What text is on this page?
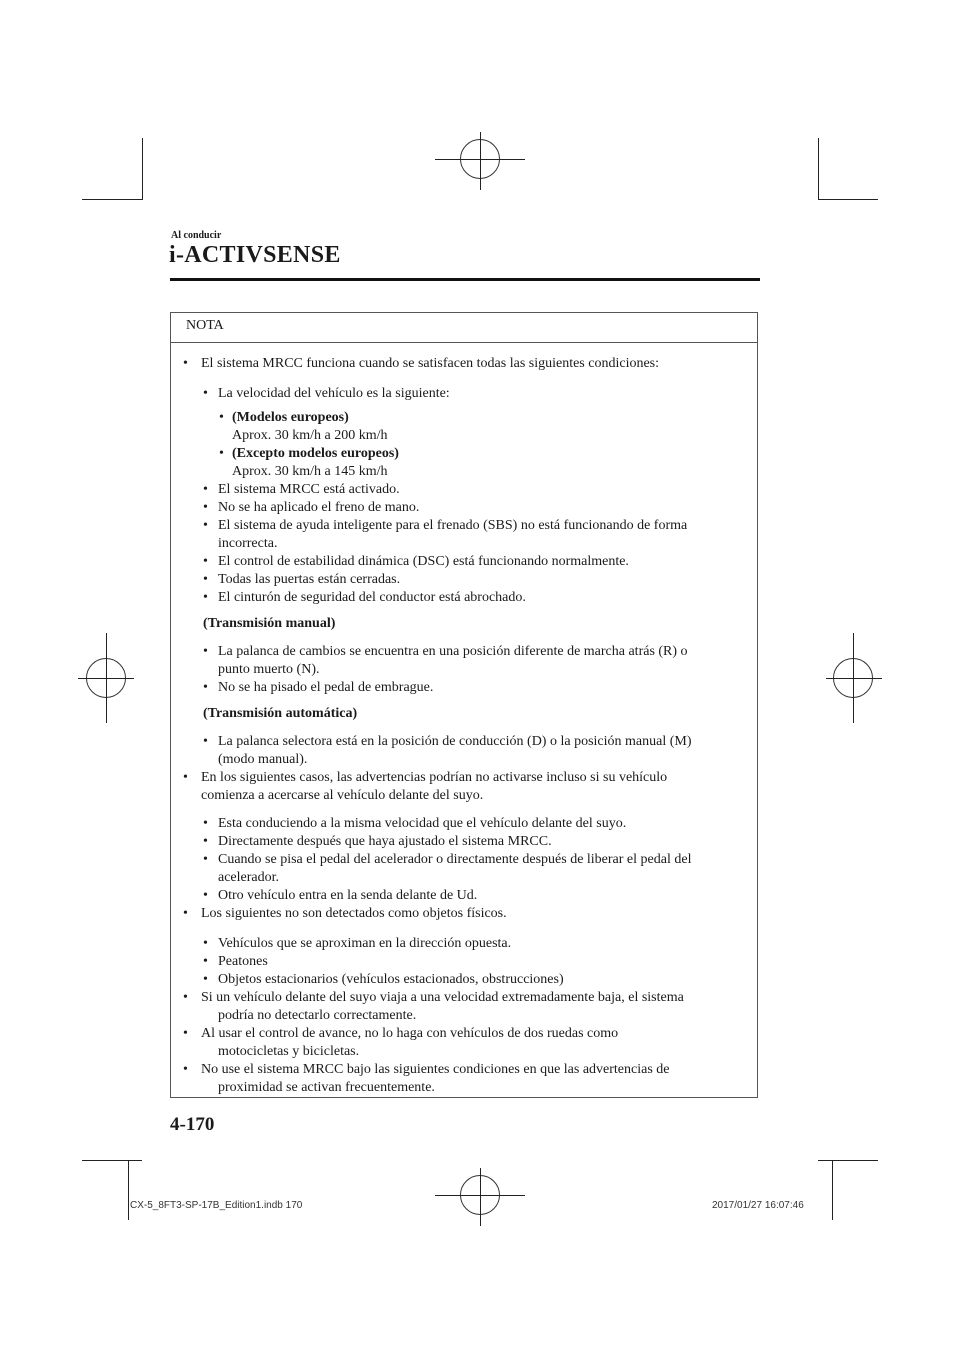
Al conducir
i-ACTIVSENSE
NOTA
• El sistema MRCC funciona cuando se satisfacen todas las siguientes condiciones:
• La velocidad del vehículo es la siguiente:
• (Modelos europeos)
Aprox. 30 km/h a 200 km/h
• (Excepto modelos europeos)
Aprox. 30 km/h a 145 km/h
• El sistema MRCC está activado.
• No se ha aplicado el freno de mano.
• El sistema de ayuda inteligente para el frenado (SBS) no está funcionando de forma
incorrecta.
• El control de estabilidad dinámica (DSC) está funcionando normalmente.
• Todas las puertas están cerradas.
• El cinturón de seguridad del conductor está abrochado.
(Transmisión manual)
• La palanca de cambios se encuentra en una posición diferente de marcha atrás (R) o
punto muerto (N).
• No se ha pisado el pedal de embrague.
(Transmisión automática)
• La palanca selectora está en la posición de conducción (D) o la posición manual (M)
(modo manual).
• En los siguientes casos, las advertencias podrían no activarse incluso si su vehículo
comienza a acercarse al vehículo delante del suyo.
• Esta conduciendo a la misma velocidad que el vehículo delante del suyo.
• Directamente después que haya ajustado el sistema MRCC.
• Cuando se pisa el pedal del acelerador o directamente después de liberar el pedal del
acelerador.
• Otro vehículo entra en la senda delante de Ud.
• Los siguientes no son detectados como objetos físicos.
• Vehículos que se aproximan en la dirección opuesta.
• Peatones
• Objetos estacionarios (vehículos estacionados, obstrucciones)
• Si un vehículo delante del suyo viaja a una velocidad extremadamente baja, el sistema
podría no detectarlo correctamente.
• Al usar el control de avance, no lo haga con vehículos de dos ruedas como
motocicletas y bicicletas.
• No use el sistema MRCC bajo las siguientes condiciones en que las advertencias de
proximidad se activan frecuentemente.
4-170
CX-5_8FT3-SP-17B_Edition1.indb 170	2017/01/27 16:07:46
